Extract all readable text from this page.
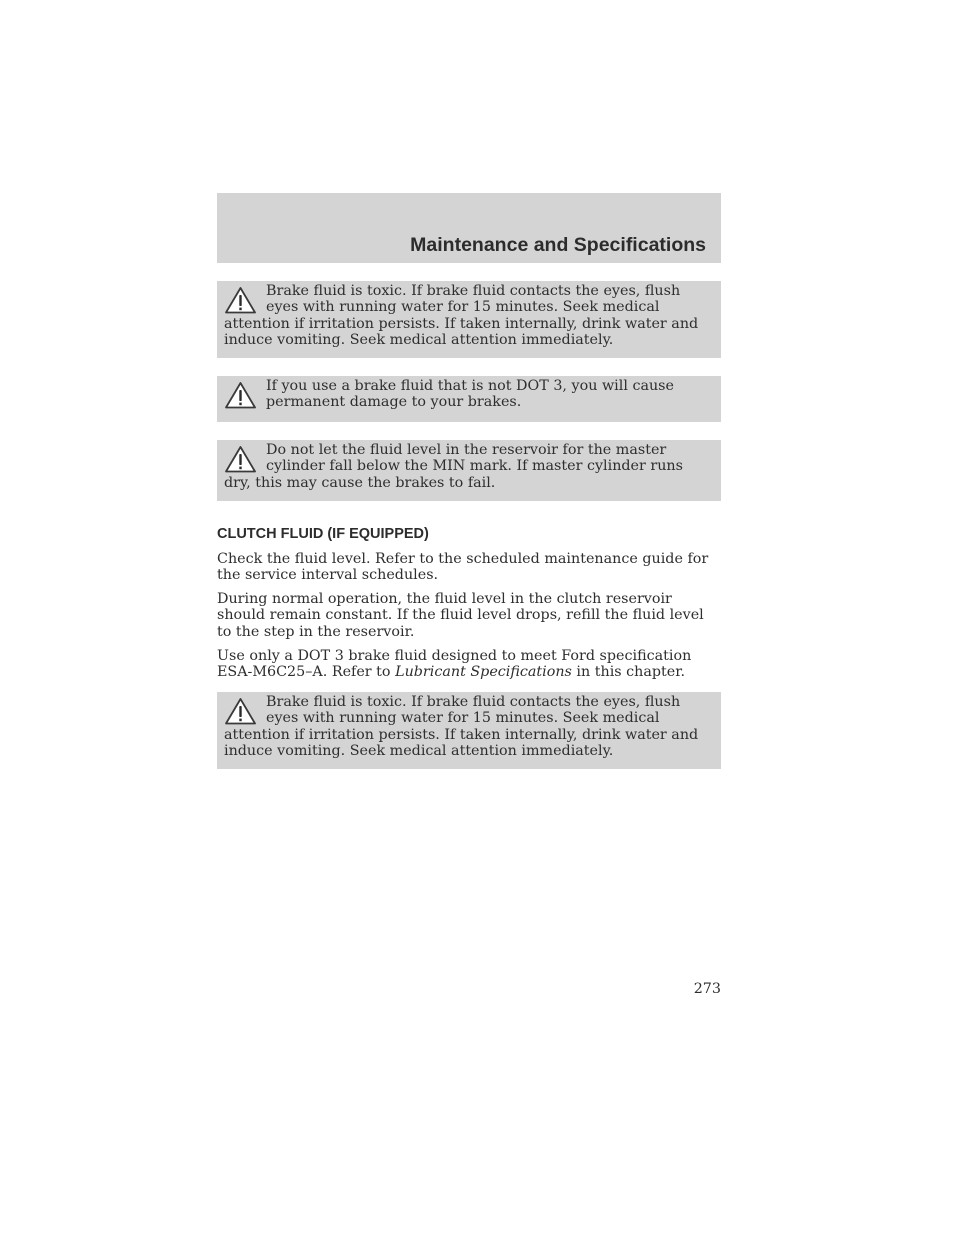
Maintenance and Specifications
Brake fluid is toxic. If brake fluid contacts the eyes, flush eyes with running water for 15 minutes. Seek medical attention if irritation persists. If taken internally, drink water and induce vomiting. Seek medical attention immediately.
If you use a brake fluid that is not DOT 3, you will cause permanent damage to your brakes.
Do not let the fluid level in the reservoir for the master cylinder fall below the MIN mark. If master cylinder runs dry, this may cause the brakes to fail.
CLUTCH FLUID (IF EQUIPPED)

Check the fluid level. Refer to the scheduled maintenance guide for the service interval schedules.

During normal operation, the fluid level in the clutch reservoir should remain constant. If the fluid level drops, refill the fluid level to the step in the reservoir.

Use only a DOT 3 brake fluid designed to meet Ford specification ESA-M6C25–A. Refer to Lubricant Specifications in this chapter.

Brake fluid is toxic. If brake fluid contacts the eyes, flush eyes with running water for 15 minutes. Seek medical attention if irritation persists. If taken internally, drink water and induce vomiting. Seek medical attention immediately.
273
